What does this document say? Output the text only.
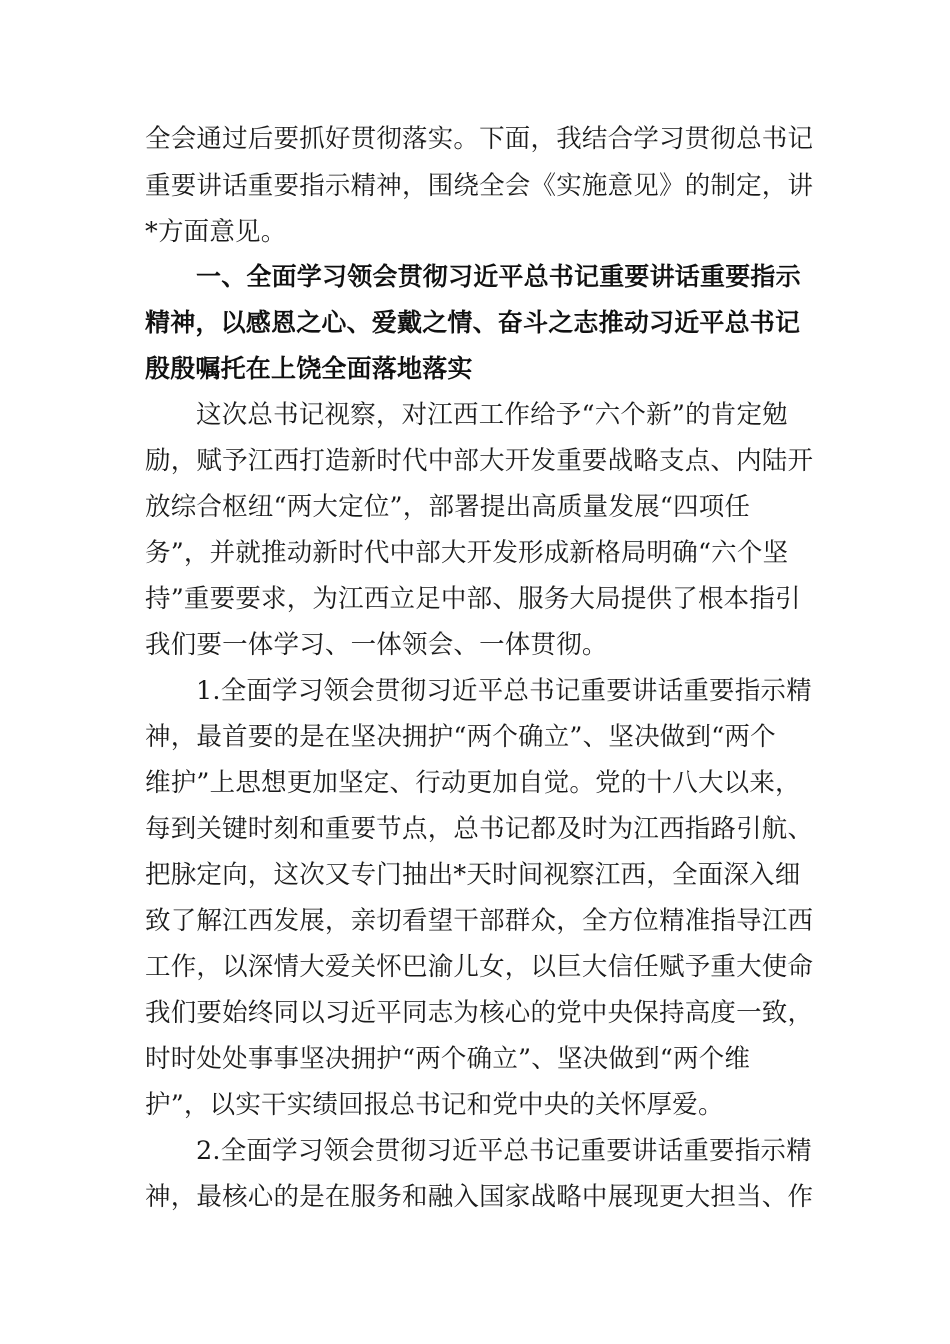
全会通过后要抓好贯彻落实。下面，我结合学习贯彻总书记
重要讲话重要指示精神，围绕全会《实施意见》的制定，讲
*方面意见。
一、全面学习领会贯彻习近平总书记重要讲话重要指示
精神，以感恩之心、爱戴之情、奋斗之志推动习近平总书记
殷殷嘱托在上饶全面落地落实
这次总书记视察，对江西工作给予“六个新”的肯定勉
励，赋予江西打造新时代中部大开发重要战略支点、内陆开
放综合枢纽“两大定位”，部署提出高质量发展“四项任
务”，并就推动新时代中部大开发形成新格局明确“六个坚
持”重要要求，为江西立足中部、服务大局提供了根本指引
我们要一体学习、一体领会、一体贯彻。
1.全面学习领会贯彻习近平总书记重要讲话重要指示精
神，最首要的是在坚决拥护“两个确立”、坚决做到“两个
维护”上思想更加坚定、行动更加自觉。党的十八大以来，
每到关键时刻和重要节点，总书记都及时为江西指路引航、
把脉定向，这次又专门抽出*天时间视察江西，全面深入细
致了解江西发展，亲切看望干部群众，全方位精准指导江西
工作，以深情大爱关怀巴渝儿女，以巨大信任赋予重大使命
我们要始终同以习近平同志为核心的党中央保持高度一致，
时时处处事事坚决拥护“两个确立”、坚决做到“两个维
护”，以实干实绩回报总书记和党中央的关怀厚爱。
2.全面学习领会贯彻习近平总书记重要讲话重要指示精
神，最核心的是在服务和融入国家战略中展现更大担当、作
